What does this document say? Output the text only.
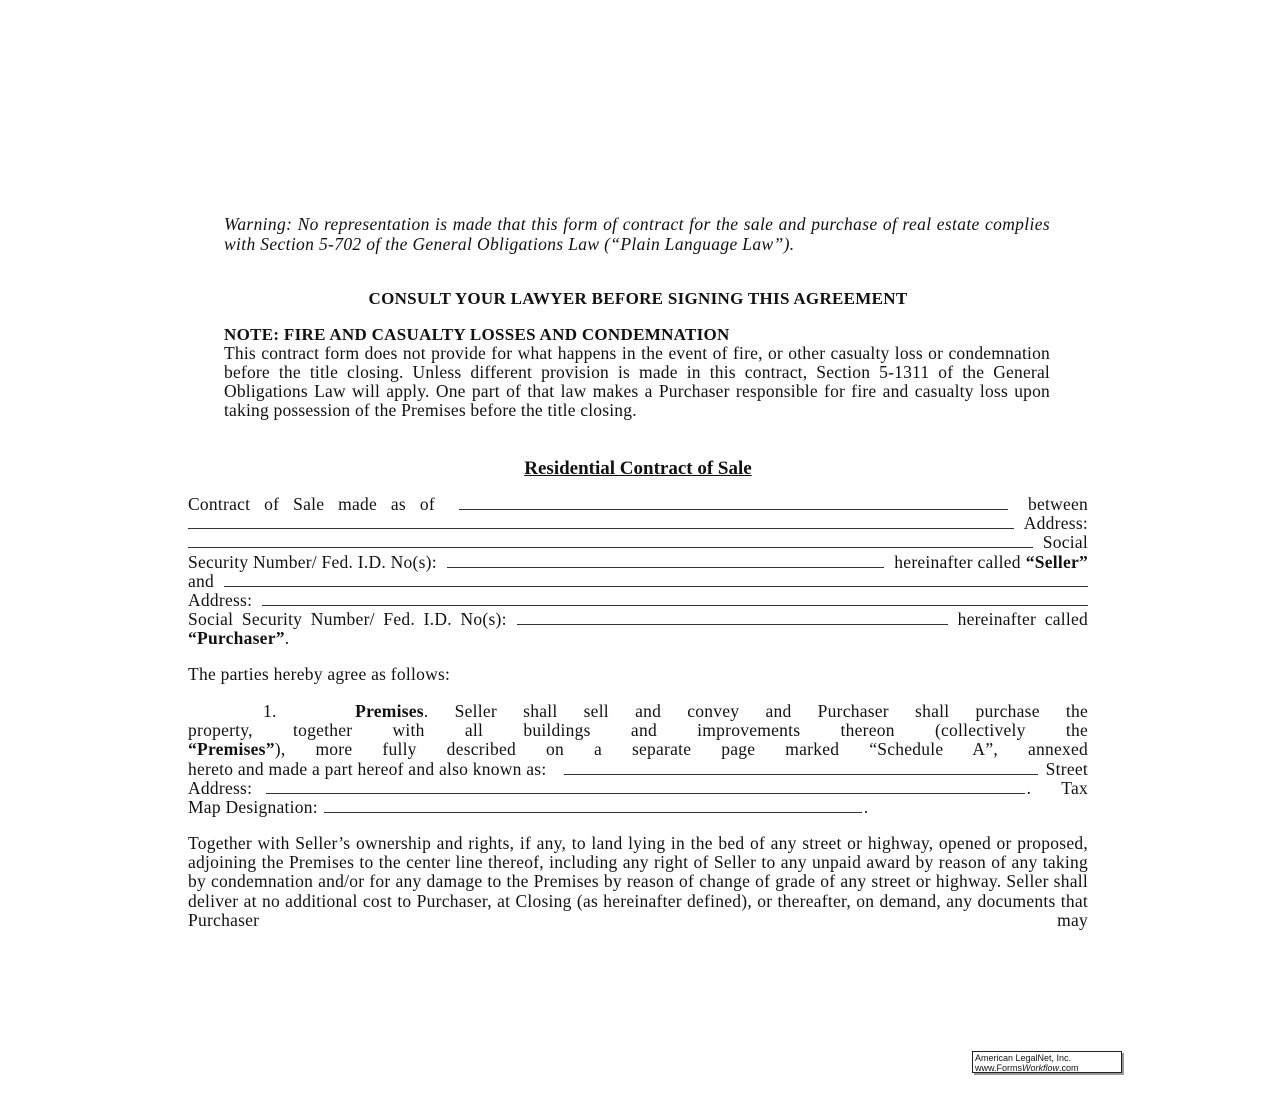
Warning: No representation is made that this form of contract for the sale and purchase of real estate complies with Section 5-702 of the General Obligations Law (“Plain Language Law”).
CONSULT YOUR LAWYER BEFORE SIGNING THIS AGREEMENT
NOTE: FIRE AND CASUALTY LOSSES AND CONDEMNATION
This contract form does not provide for what happens in the event of fire, or other casualty loss or condemnation before the title closing. Unless different provision is made in this contract, Section 5-1311 of the General Obligations Law will apply. One part of that law makes a Purchaser responsible for fire and casualty loss upon taking possession of the Premises before the title closing.
Residential Contract of Sale
Contract   of   Sale   made   as   of	between
Address:
Social
Security Number/ Fed. I.D. No(s):	hereinafter called “Seller”
and
Address:
Social Security Number/ Fed. I.D. No(s):	hereinafter called
“Purchaser” .
The parties hereby agree as follows:
1.	Premises. Seller shall sell and convey and Purchaser shall purchase the
property, together with all buildings and improvements thereon (collectively the
“Premises”), more fully described on a separate page marked “Schedule A”, annexed
hereto and made a part hereof and also known as:	Street
Address:	. Tax
Map Designation:	.
Together with Seller’s ownership and rights, if any, to land lying in the bed of any street or highway, opened or proposed, adjoining the Premises to the center line thereof, including any right of Seller to any unpaid award by reason of any taking by condemnation and/or for any damage to the Premises by reason of change of grade of any street or highway. Seller shall deliver at no additional cost to Purchaser, at Closing (as hereinafter defined), or thereafter, on demand, any documents that Purchaser may
American LegalNet, Inc.
www.FormsWorkflow.com
